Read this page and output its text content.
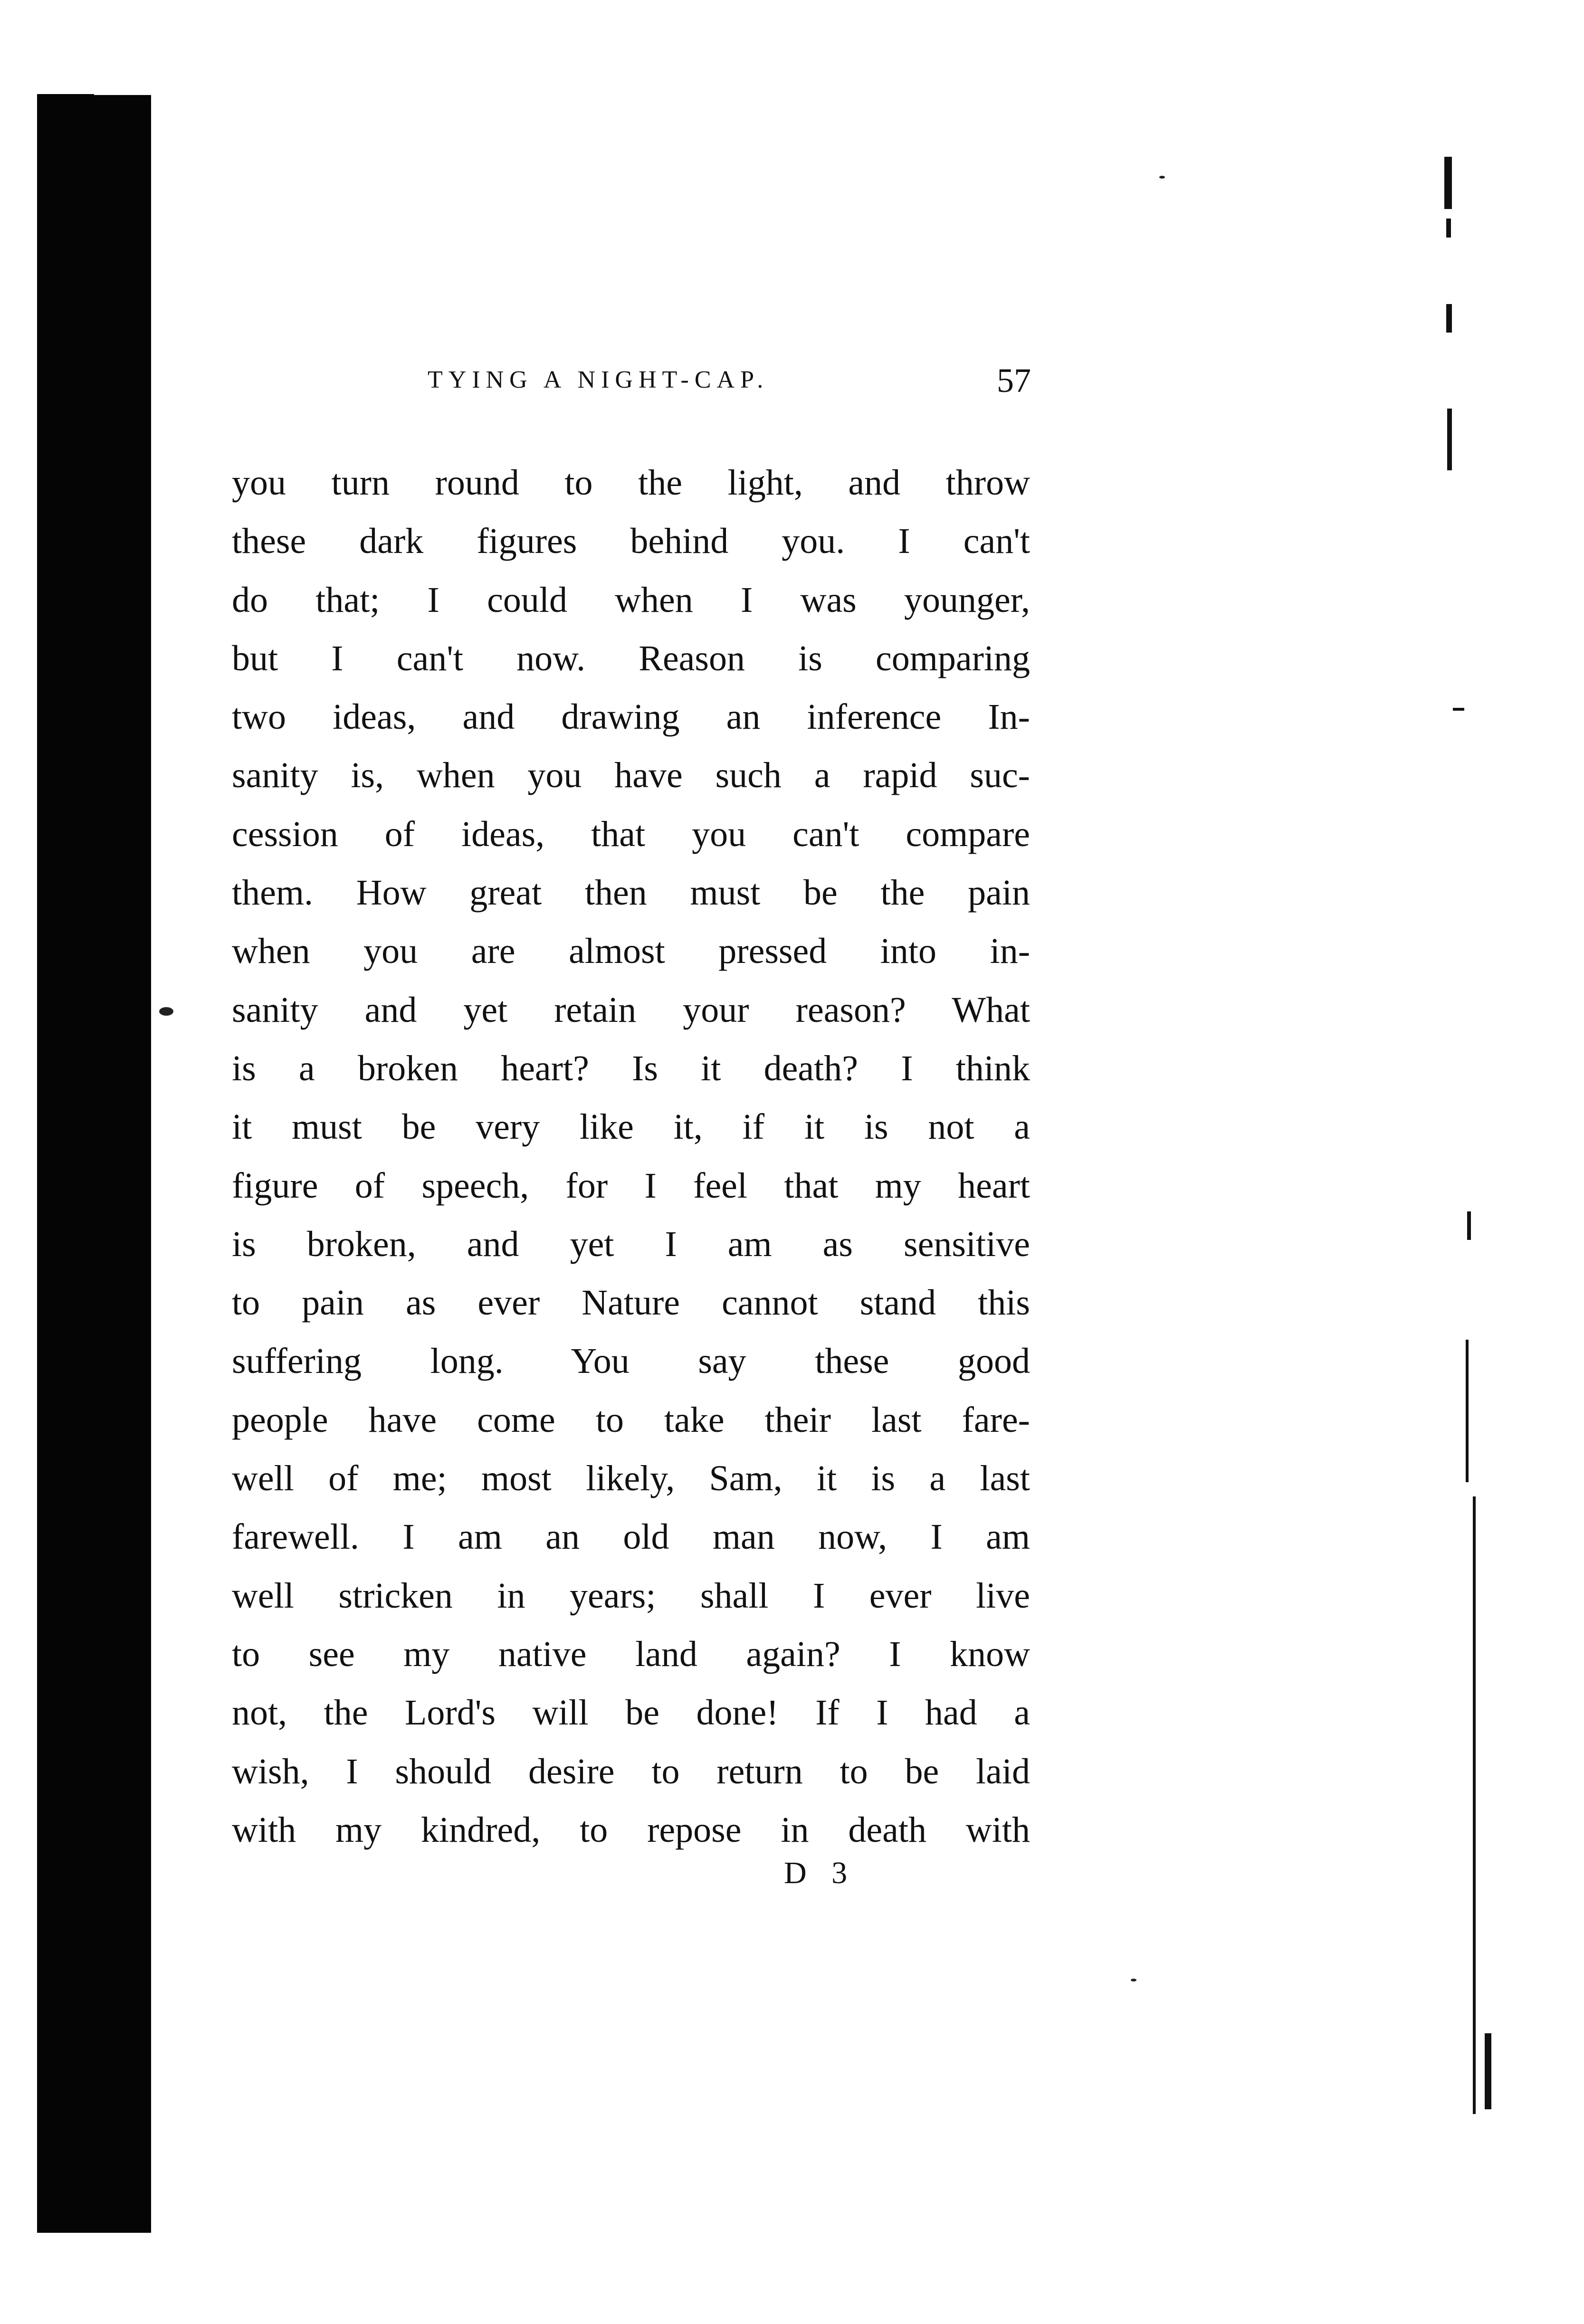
TYING A NIGHT-CAP.	57
you turn round to the light, and throw
these dark figures behind you. I can't
do that; I could when I was younger,
but I can't now. Reason is comparing
two ideas, and drawing an inference In-
sanity is, when you have such a rapid suc-
cession of ideas, that you can't compare
them. How great then must be the pain
when you are almost pressed into in-
sanity and yet retain your reason? What
is a broken heart? Is it death? I think
it must be very like it, if it is not a
figure of speech, for I feel that my heart
is broken, and yet I am as sensitive
to pain as ever Nature cannot stand this
suffering long. You say these good
people have come to take their last fare-
well of me; most likely, Sam, it is a last
farewell. I am an old man now, I am
well stricken in years; shall I ever live
to see my native land again? I know
not, the Lord's will be done! If I had a
wish, I should desire to return to be laid
with my kindred, to repose in death with
D 3
